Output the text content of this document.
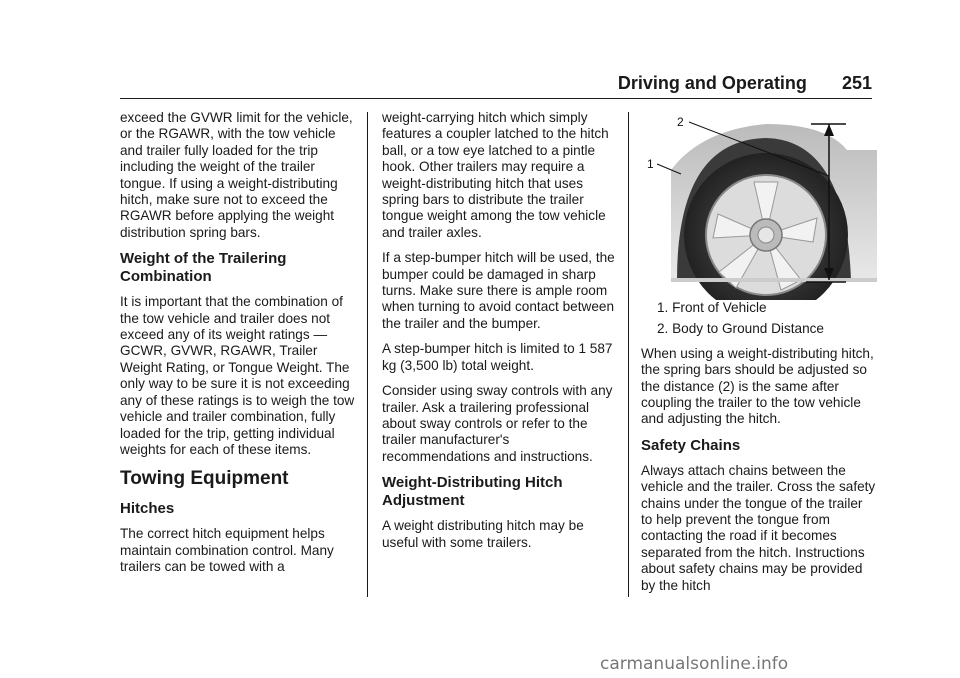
Driving and Operating 251

exceed the GVWR limit for the vehicle, or the RGAWR, with the tow vehicle and trailer fully loaded for the trip including the weight of the trailer tongue. If using a weight-distributing hitch, make sure not to exceed the RGAWR before applying the weight distribution spring bars.

Weight of the Trailering Combination

It is important that the combination of the tow vehicle and trailer does not exceed any of its weight ratings — GCWR, GVWR, RGAWR, Trailer Weight Rating, or Tongue Weight. The only way to be sure it is not exceeding any of these ratings is to weigh the tow vehicle and trailer combination, fully loaded for the trip, getting individual weights for each of these items.

Towing Equipment
Hitches

The correct hitch equipment helps maintain combination control. Many trailers can be towed with a

weight-carrying hitch which simply features a coupler latched to the hitch ball, or a tow eye latched to a pintle hook. Other trailers may require a weight-distributing hitch that uses spring bars to distribute the trailer tongue weight among the tow vehicle and trailer axles.

If a step-bumper hitch will be used, the bumper could be damaged in sharp turns. Make sure there is ample room when turning to avoid contact between the trailer and the bumper.

A step-bumper hitch is limited to 1 587 kg (3,500 lb) total weight.

Consider using sway controls with any trailer. Ask a trailering professional about sway controls or refer to the trailer manufacturer's recommendations and instructions.

Weight-Distributing Hitch Adjustment

A weight distributing hitch may be useful with some trailers.

2
1
1. Front of Vehicle
2. Body to Ground Distance

When using a weight-distributing hitch, the spring bars should be adjusted so the distance (2) is the same after coupling the trailer to the tow vehicle and adjusting the hitch.

Safety Chains

Always attach chains between the vehicle and the trailer. Cross the safety chains under the tongue of the trailer to help prevent the tongue from contacting the road if it becomes separated from the hitch. Instructions about safety chains may be provided by the hitch

carmanualsonline.info
